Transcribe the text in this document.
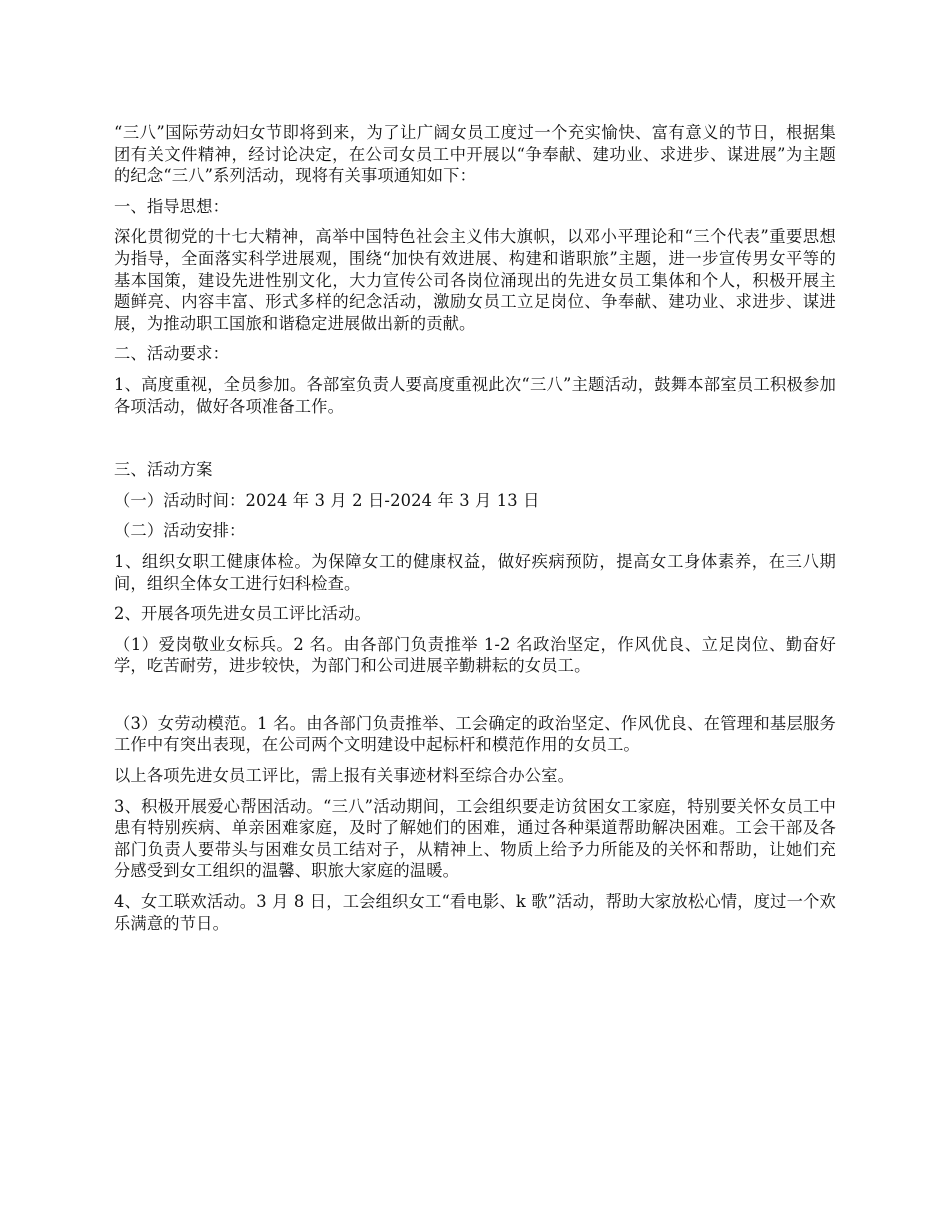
“三八”国际劳动妇女节即将到来，为了让广阔女员工度过一个充实愉快、富有意义的节日，根据集团有关文件精神，经讨论决定，在公司女员工中开展以“争奉献、建功业、求进步、谋进展”为主题的纪念“三八”系列活动，现将有关事项通知如下：

一、指导思想：

深化贯彻党的十七大精神，高举中国特色社会主义伟大旗帜，以邓小平理论和“三个代表”重要思想为指导，全面落实科学进展观，围绕“加快有效进展、构建和谐职旅”主题，进一步宣传男女平等的基本国策，建设先进性别文化，大力宣传公司各岗位涌现出的先进女员工集体和个人，积极开展主题鲜亮、内容丰富、形式多样的纪念活动，激励女员工立足岗位、争奉献、建功业、求进步、谋进展，为推动职工国旅和谐稳定进展做出新的贡献。

二、活动要求：

1、高度重视，全员参加。各部室负责人要高度重视此次“三八”主题活动，鼓舞本部室员工积极参加各项活动，做好各项准备工作。

三、活动方案

（一）活动时间：2024 年 3 月 2 日-2024 年 3 月 13 日

（二）活动安排：

1、组织女职工健康体检。为保障女工的健康权益，做好疾病预防，提高女工身体素养，在三八期间，组织全体女工进行妇科检查。

2、开展各项先进女员工评比活动。

（1）爱岗敬业女标兵。2 名。由各部门负责推举 1-2 名政治坚定，作风优良、立足岗位、勤奋好学，吃苦耐劳，进步较快，为部门和公司进展辛勤耕耘的女员工。

（3）女劳动模范。1 名。由各部门负责推举、工会确定的政治坚定、作风优良、在管理和基层服务工作中有突出表现，在公司两个文明建设中起标杆和模范作用的女员工。

以上各项先进女员工评比，需上报有关事迹材料至综合办公室。

3、积极开展爱心帮困活动。“三八”活动期间，工会组织要走访贫困女工家庭，特别要关怀女员工中患有特别疾病、单亲困难家庭，及时了解她们的困难，通过各种渠道帮助解决困难。工会干部及各部门负责人要带头与困难女员工结对子，从精神上、物质上给予力所能及的关怀和帮助，让她们充分感受到女工组织的温馨、职旅大家庭的温暖。

4、女工联欢活动。3 月 8 日，工会组织女工“看电影、k 歌”活动，帮助大家放松心情，度过一个欢乐满意的节日。
